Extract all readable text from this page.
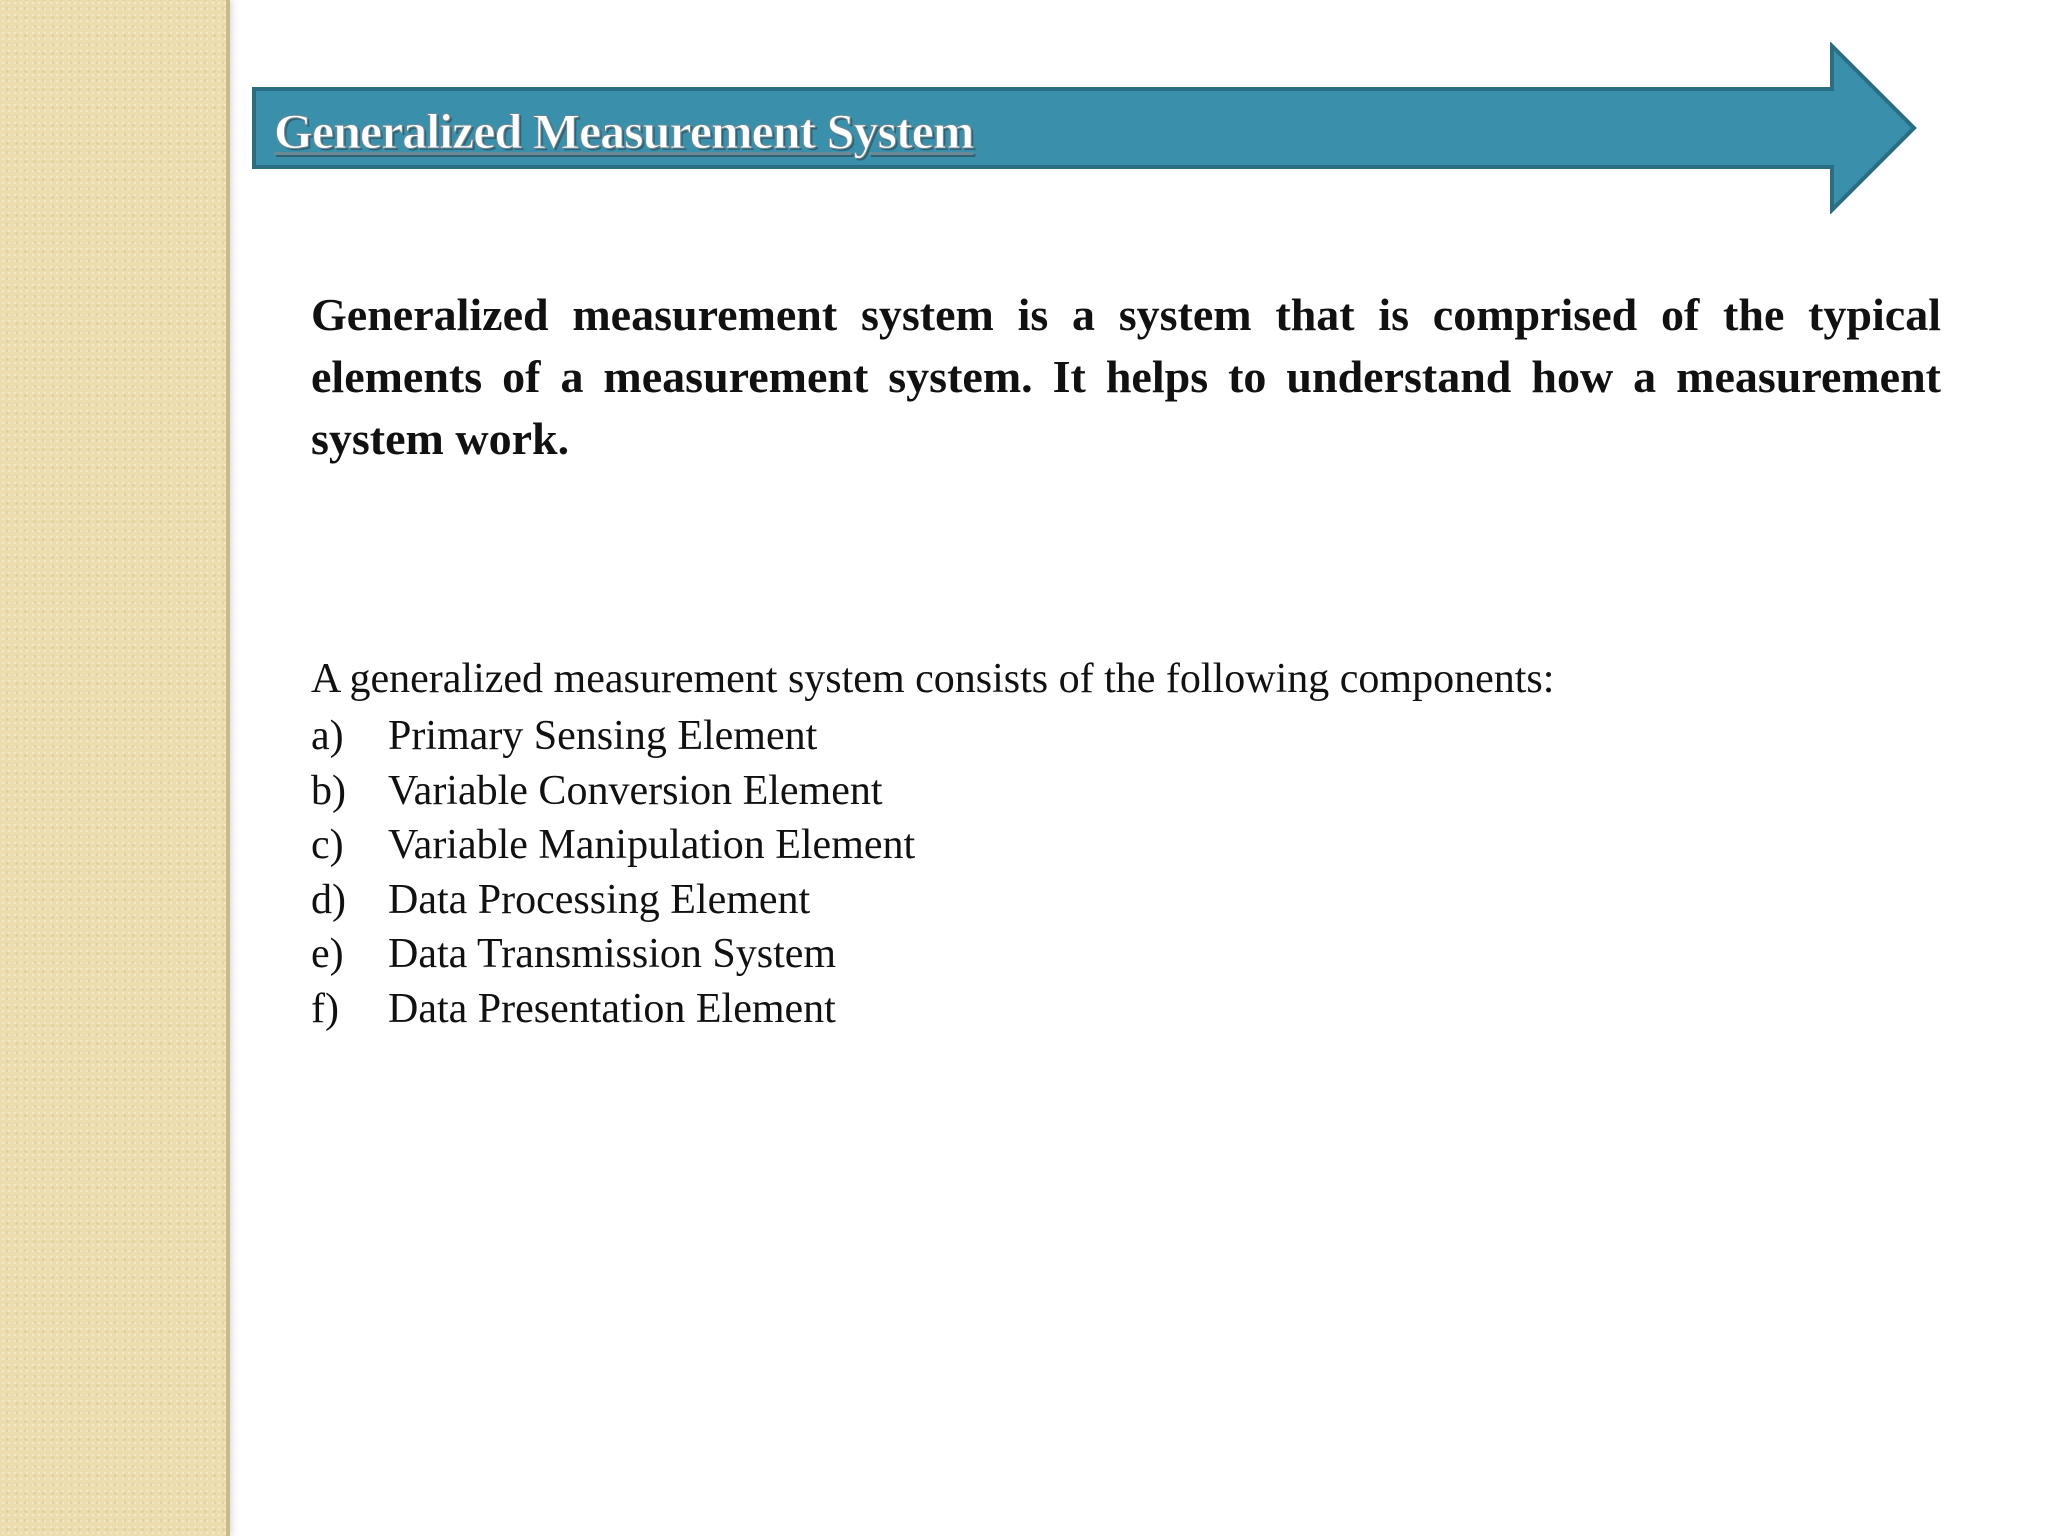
Generalized Measurement System

Generalized measurement system is a system that is comprised of the typical elements of a measurement system. It helps to understand how a measurement system work.

A generalized measurement system consists of the following components:

a)	Primary Sensing Element
b)	Variable Conversion Element
c)	Variable Manipulation Element
d)	Data Processing Element
e)	Data Transmission System
f)	Data Presentation Element
